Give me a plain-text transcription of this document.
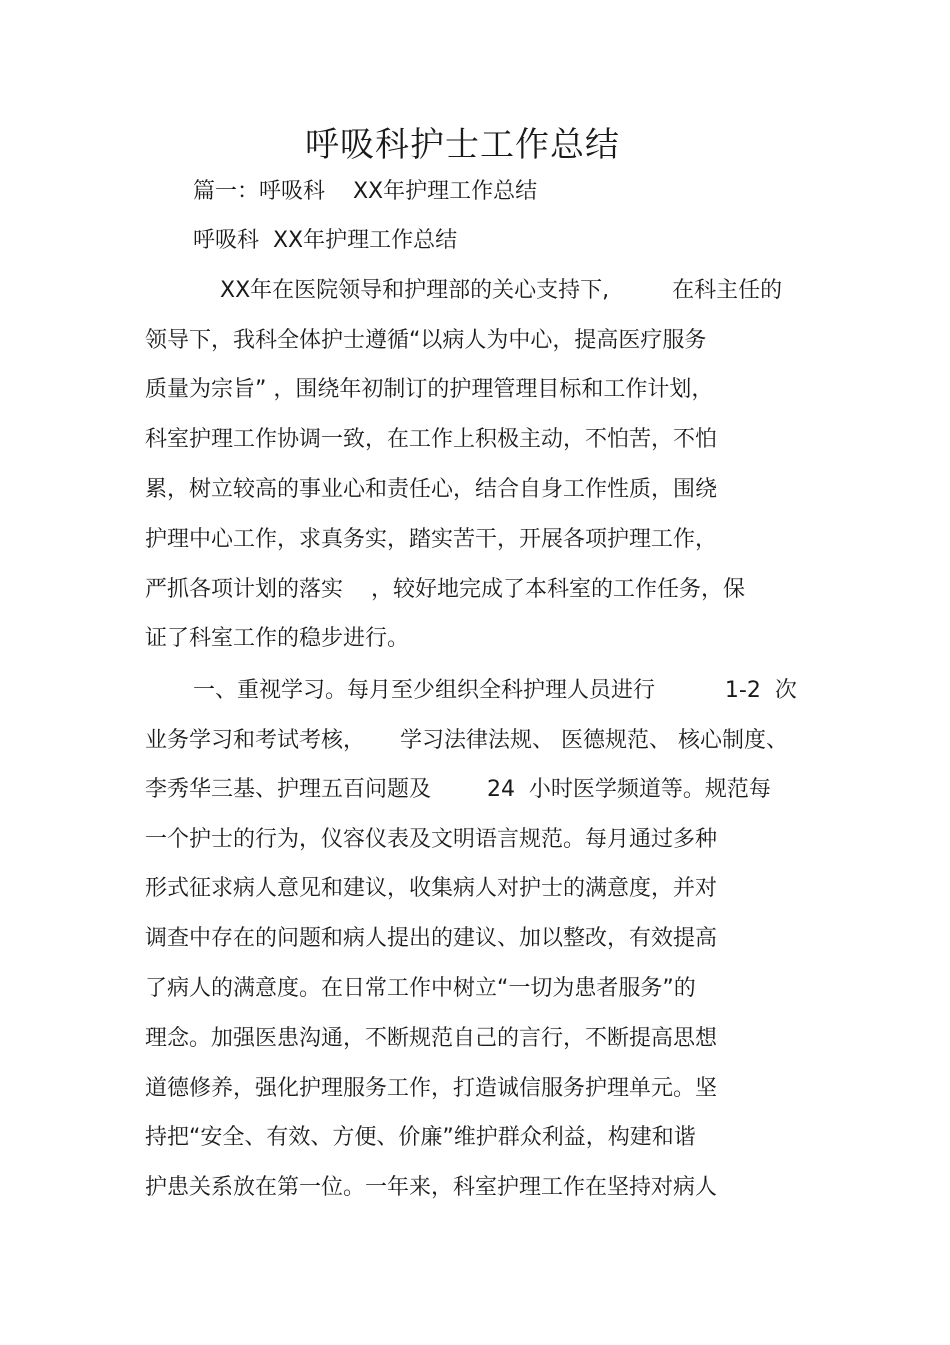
呼吸科护士工作总结
篇一：呼吸科    XX年护理工作总结
呼吸科  XX年护理工作总结
XX年在医院领导和护理部的关心支持下,         在科主任的
领导下，我科全体护士遵循“以病人为中心，提高医疗服务
质量为宗旨” ，围绕年初制订的护理管理目标和工作计划，
科室护理工作协调一致，在工作上积极主动，不怕苦，不怕
累，树立较高的事业心和责任心，结合自身工作性质，围绕
护理中心工作，求真务实，踏实苦干，开展各项护理工作，
严抓各项计划的落实    ，较好地完成了本科室的工作任务，保
证了科室工作的稳步进行。
一、重视学习。每月至少组织全科护理人员进行          1-2  次
业务学习和考试考核，     学习法律法规、 医德规范、 核心制度、
李秀华三基、护理五百问题及        24  小时医学频道等。规范每
一个护士的行为，仪容仪表及文明语言规范。每月通过多种
形式征求病人意见和建议，收集病人对护士的满意度，并对
调查中存在的问题和病人提出的建议、加以整改，有效提高
了病人的满意度。在日常工作中树立“一切为患者服务”的
理念。加强医患沟通，不断规范自己的言行，不断提高思想
道德修养，强化护理服务工作，打造诚信服务护理单元。坚
持把“安全、有效、方便、价廉”维护群众利益，构建和谐
护患关系放在第一位。一年来，科室护理工作在坚持对病人
